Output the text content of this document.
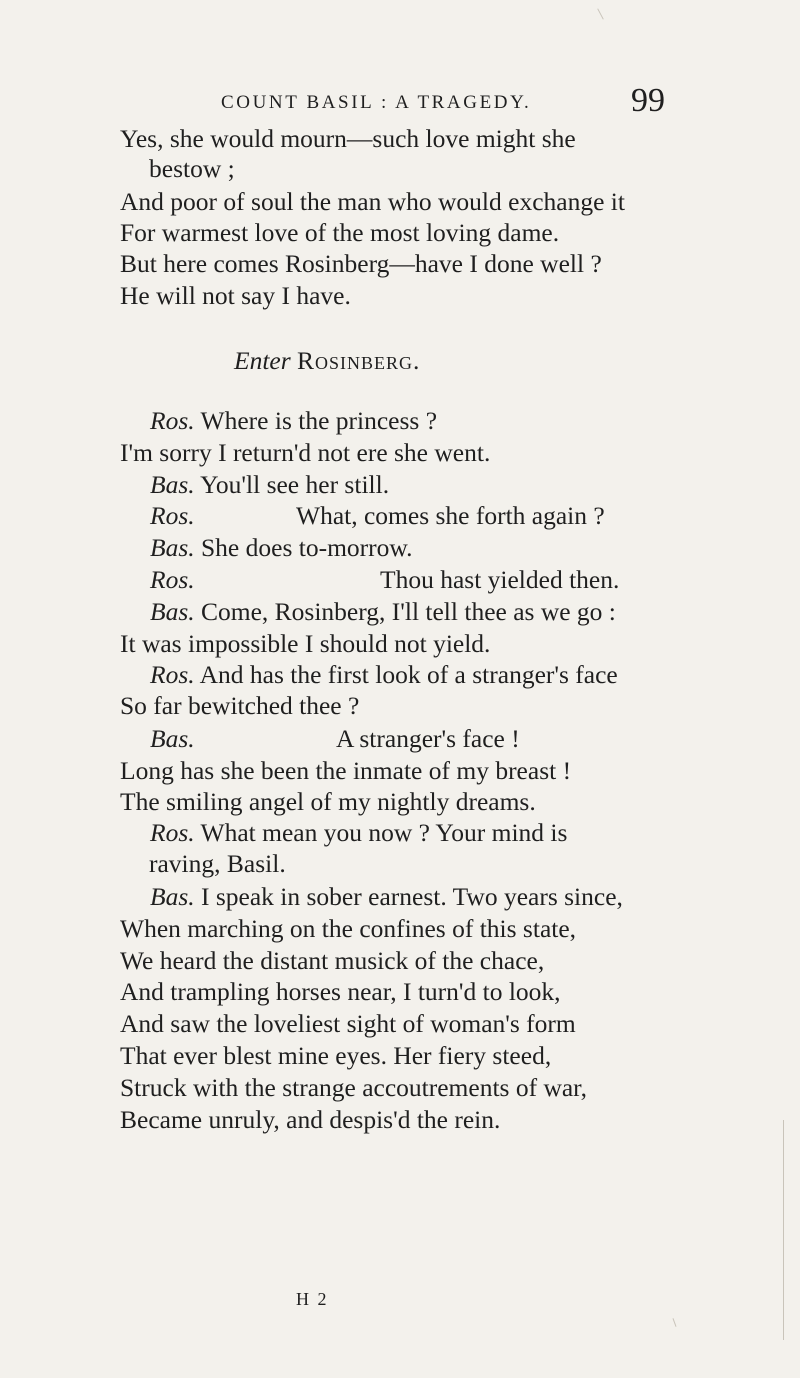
COUNT BASIL : A TRAGEDY.	99
Yes, she would mourn—such love might she
bestow ;
And poor of soul the man who would exchange it
For warmest love of the most loving dame.
But here comes Rosinberg—have I done well ?
He will not say I have.
Enter Rosinberg.
Ros. Where is the princess ?
I'm sorry I return'd not ere she went.
Bas. You'll see her still.
Ros.	What, comes she forth again ?
Bas. She does to-morrow.
Ros.	Thou hast yielded then.
Bas. Come, Rosinberg, I'll tell thee as we go :
It was impossible I should not yield.
Ros. And has the first look of a stranger's face
So far bewitched thee ?
Bas.	A stranger's face !
Long has she been the inmate of my breast !
The smiling angel of my nightly dreams.
Ros. What mean you now ? Your mind is
raving, Basil.
Bas. I speak in sober earnest. Two years since,
When marching on the confines of this state,
We heard the distant musick of the chace,
And trampling horses near, I turn'd to look,
And saw the loveliest sight of woman's form
That ever blest mine eyes. Her fiery steed,
Struck with the strange accoutrements of war,
Became unruly, and despis'd the rein.
H 2
